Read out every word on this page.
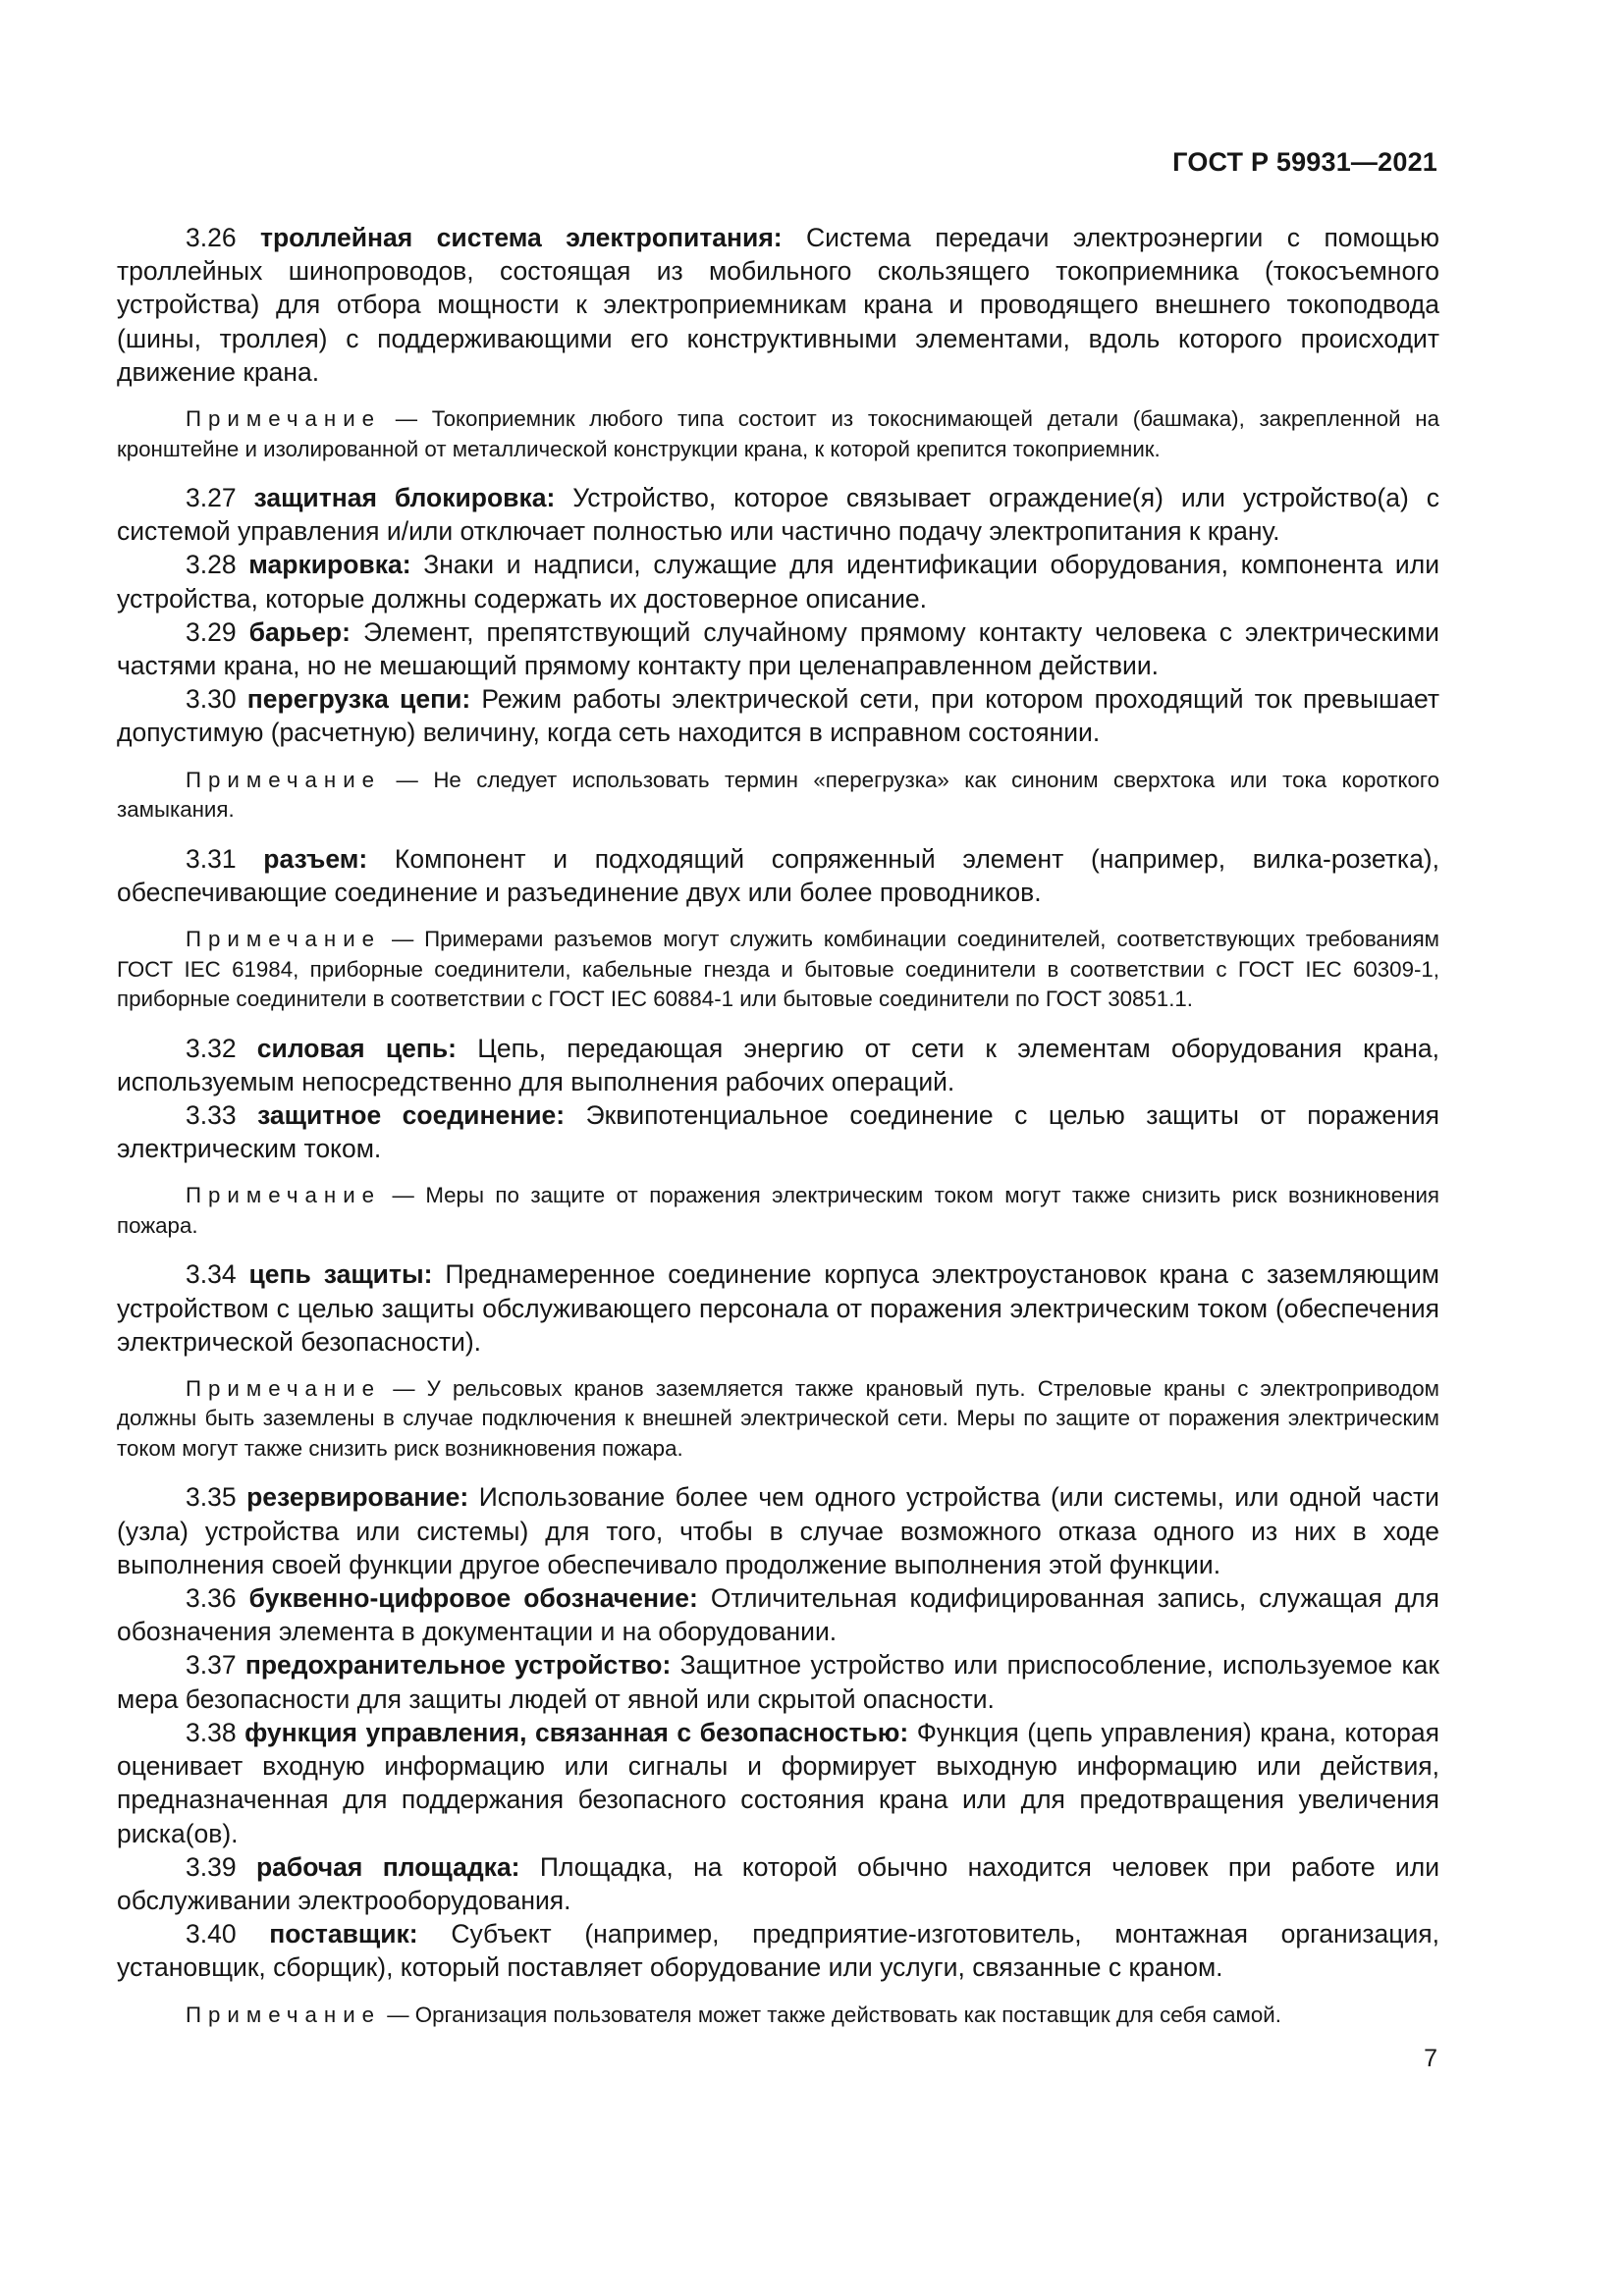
ГОСТ Р 59931—2021

3.26 троллейная система электропитания: Система передачи электроэнергии с помощью троллейных шинопроводов, состоящая из мобильного скользящего токоприемника (токосъемного устройства) для отбора мощности к электроприемникам крана и проводящего внешнего токоподвода (шины, троллея) с поддерживающими его конструктивными элементами, вдоль которого происходит движение крана.

Примечание — Токоприемник любого типа состоит из токоснимающей детали (башмака), закрепленной на кронштейне и изолированной от металлической конструкции крана, к которой крепится токоприемник.

3.27 защитная блокировка: Устройство, которое связывает ограждение(я) или устройство(а) с системой управления и/или отключает полностью или частично подачу электропитания к крану.

3.28 маркировка: Знаки и надписи, служащие для идентификации оборудования, компонента или устройства, которые должны содержать их достоверное описание.

3.29 барьер: Элемент, препятствующий случайному прямому контакту человека с электрическими частями крана, но не мешающий прямому контакту при целенаправленном действии.

3.30 перегрузка цепи: Режим работы электрической сети, при котором проходящий ток превышает допустимую (расчетную) величину, когда сеть находится в исправном состоянии.

Примечание — Не следует использовать термин «перегрузка» как синоним сверхтока или тока короткого замыкания.

3.31 разъем: Компонент и подходящий сопряженный элемент (например, вилка-розетка), обеспечивающие соединение и разъединение двух или более проводников.

Примечание — Примерами разъемов могут служить комбинации соединителей, соответствующих требованиям ГОСТ IEC 61984, приборные соединители, кабельные гнезда и бытовые соединители в соответствии с ГОСТ IEC 60309-1, приборные соединители в соответствии с ГОСТ IEC 60884-1 или бытовые соединители по ГОСТ 30851.1.

3.32 силовая цепь: Цепь, передающая энергию от сети к элементам оборудования крана, используемым непосредственно для выполнения рабочих операций.

3.33 защитное соединение: Эквипотенциальное соединение с целью защиты от поражения электрическим током.

Примечание — Меры по защите от поражения электрическим током могут также снизить риск возникновения пожара.

3.34 цепь защиты: Преднамеренное соединение корпуса электроустановок крана с заземляющим устройством с целью защиты обслуживающего персонала от поражения электрическим током (обеспечения электрической безопасности).

Примечание — У рельсовых кранов заземляется также крановый путь. Стреловые краны с электроприводом должны быть заземлены в случае подключения к внешней электрической сети. Меры по защите от поражения электрическим током могут также снизить риск возникновения пожара.

3.35 резервирование: Использование более чем одного устройства (или системы, или одной части (узла) устройства или системы) для того, чтобы в случае возможного отказа одного из них в ходе выполнения своей функции другое обеспечивало продолжение выполнения этой функции.

3.36 буквенно-цифровое обозначение: Отличительная кодифицированная запись, служащая для обозначения элемента в документации и на оборудовании.

3.37 предохранительное устройство: Защитное устройство или приспособление, используемое как мера безопасности для защиты людей от явной или скрытой опасности.

3.38 функция управления, связанная с безопасностью: Функция (цепь управления) крана, которая оценивает входную информацию или сигналы и формирует выходную информацию или действия, предназначенная для поддержания безопасного состояния крана или для предотвращения увеличения риска(ов).

3.39 рабочая площадка: Площадка, на которой обычно находится человек при работе или обслуживании электрооборудования.

3.40 поставщик: Субъект (например, предприятие-изготовитель, монтажная организация, установщик, сборщик), который поставляет оборудование или услуги, связанные с краном.

Примечание — Организация пользователя может также действовать как поставщик для себя самой.

7
